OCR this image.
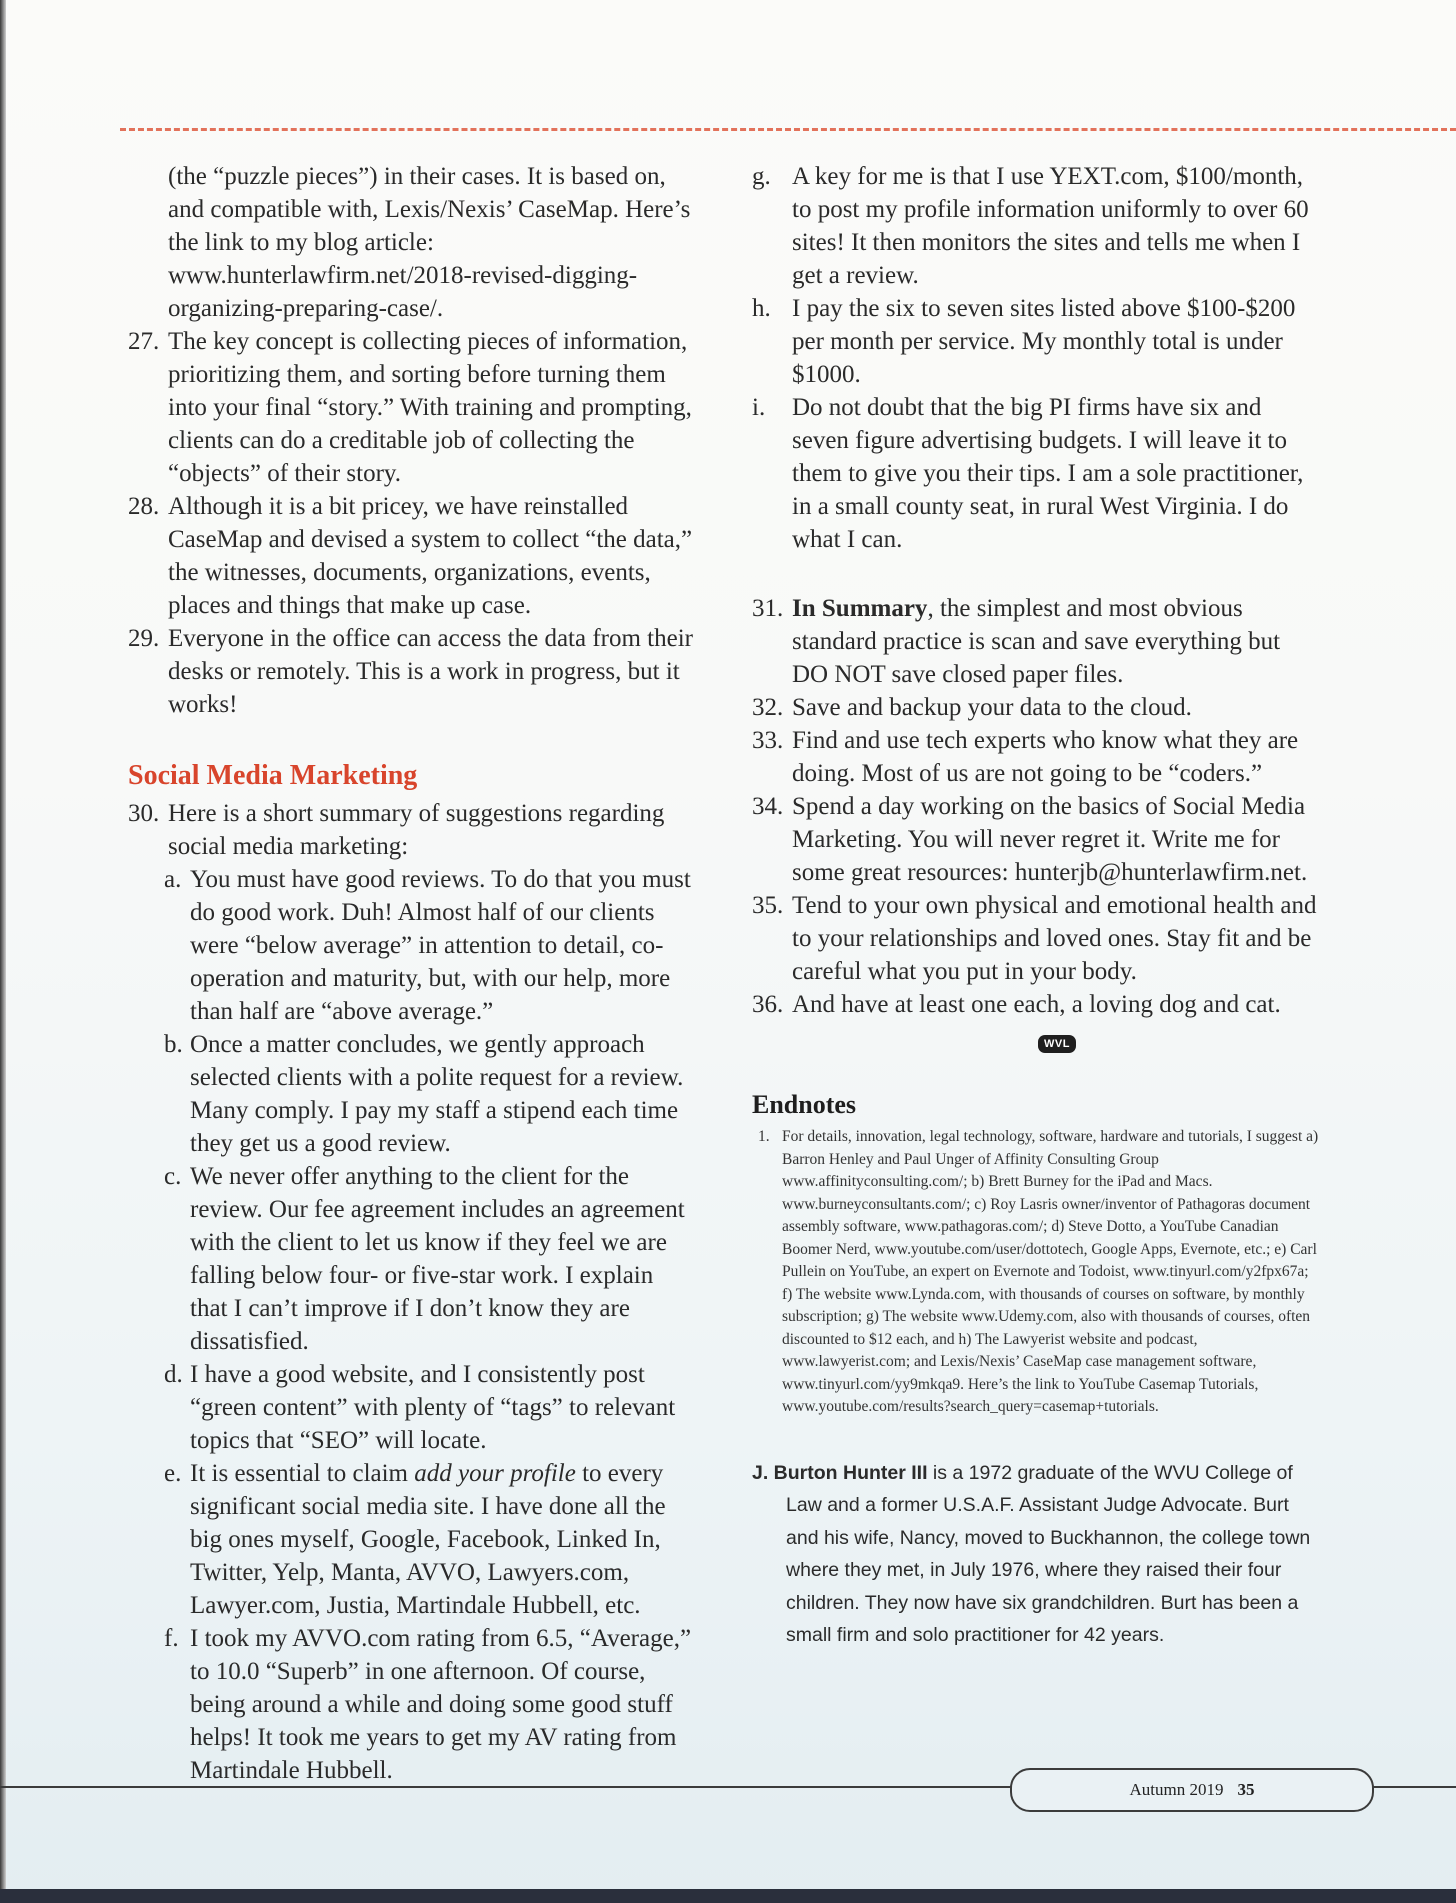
(the “puzzle pieces”) in their cases. It is based on, and compatible with, Lexis/Nexis’ CaseMap. Here’s the link to my blog article: www.hunterlawfirm.net/2018-revised-digging-organizing-preparing-case/.

27. The key concept is collecting pieces of information, prioritizing them, and sorting before turning them into your final “story.” With training and prompting, clients can do a creditable job of collecting the “objects” of their story.
28. Although it is a bit pricey, we have reinstalled CaseMap and devised a system to collect “the data,” the witnesses, documents, organizations, events, places and things that make up case.
29. Everyone in the office can access the data from their desks or remotely. This is a work in progress, but it works!
Social Media Marketing
30. Here is a short summary of suggestions regarding social media marketing:
a. You must have good reviews. To do that you must do good work. Duh! Almost half of our clients were “below average” in attention to detail, co-operation and maturity, but, with our help, more than half are “above average.”
b. Once a matter concludes, we gently approach selected clients with a polite request for a review. Many comply. I pay my staff a stipend each time they get us a good review.
c. We never offer anything to the client for the review. Our fee agreement includes an agreement with the client to let us know if they feel we are falling below four- or five-star work. I explain that I can’t improve if I don’t know they are dissatisfied.
d. I have a good website, and I consistently post “green content” with plenty of “tags” to relevant topics that “SEO” will locate.
e. It is essential to claim add your profile to every significant social media site. I have done all the big ones myself, Google, Facebook, Linked In, Twitter, Yelp, Manta, AVVO, Lawyers.com, Lawyer.com, Justia, Martindale Hubbell, etc.
f. I took my AVVO.com rating from 6.5, “Average,” to 10.0 “Superb” in one afternoon. Of course, being around a while and doing some good stuff helps! It took me years to get my AV rating from Martindale Hubbell.
g. A key for me is that I use YEXT.com, $100/month, to post my profile information uniformly to over 60 sites! It then monitors the sites and tells me when I get a review.
h. I pay the six to seven sites listed above $100-$200 per month per service. My monthly total is under $1000.
i. Do not doubt that the big PI firms have six and seven figure advertising budgets. I will leave it to them to give you their tips. I am a sole practitioner, in a small county seat, in rural West Virginia. I do what I can.
31. In Summary, the simplest and most obvious standard practice is scan and save everything but DO NOT save closed paper files.
32. Save and backup your data to the cloud.
33. Find and use tech experts who know what they are doing. Most of us are not going to be “coders.”
34. Spend a day working on the basics of Social Media Marketing. You will never regret it. Write me for some great resources: hunterjb@hunterlawfirm.net.
35. Tend to your own physical and emotional health and to your relationships and loved ones. Stay fit and be careful what you put in your body.
36. And have at least one each, a loving dog and cat.
WVL
Endnotes
1. For details, innovation, legal technology, software, hardware and tutorials, I suggest a) Barron Henley and Paul Unger of Affinity Consulting Group www.affinityconsulting.com/; b) Brett Burney for the iPad and Macs. www.burneyconsultants.com/; c) Roy Lasris owner/inventor of Pathagoras document assembly software, www.pathagoras.com/; d) Steve Dotto, a YouTube Canadian Boomer Nerd, www.youtube.com/user/dottotech, Google Apps, Evernote, etc.; e) Carl Pullein on YouTube, an expert on Evernote and Todoist, www.tinyurl.com/y2fpx67a; f) The website www.Lynda.com, with thousands of courses on software, by monthly subscription; g) The website www.Udemy.com, also with thousands of courses, often discounted to $12 each, and h) The Lawyerist website and podcast, www.lawyerist.com; and Lexis/Nexis’ CaseMap case management software, www.tinyurl.com/yy9mkqa9. Here’s the link to YouTube Casemap Tutorials, www.youtube.com/results?search_query=casemap+tutorials.

J. Burton Hunter III is a 1972 graduate of the WVU College of Law and a former U.S.A.F. Assistant Judge Advocate. Burt and his wife, Nancy, moved to Buckhannon, the college town where they met, in July 1976, where they raised their four children. They now have six grandchildren. Burt has been a small firm and solo practitioner for 42 years.

Autumn 2019 35
